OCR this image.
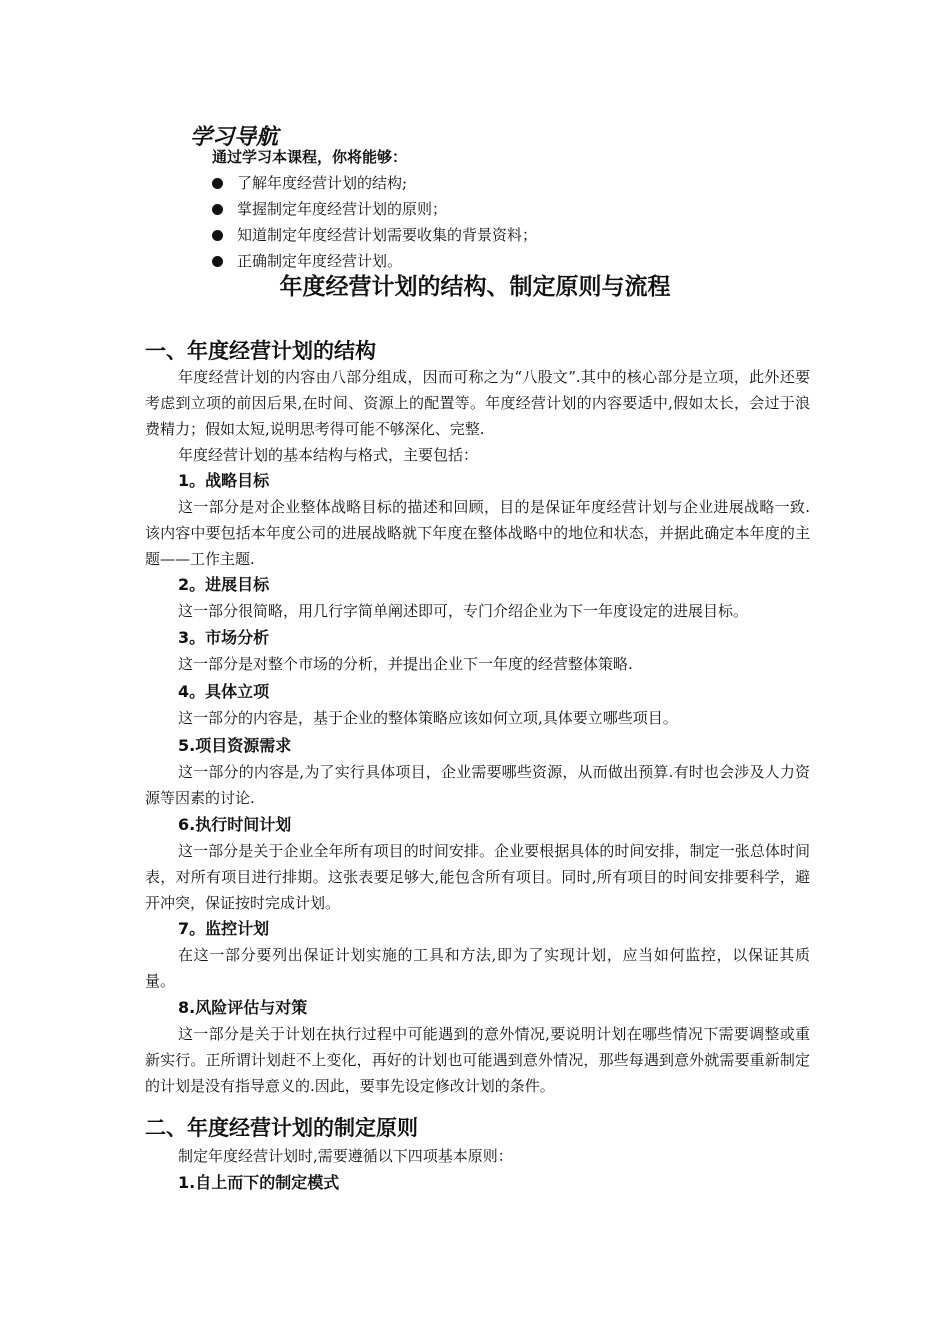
学习导航
通过学习本课程，你将能够：
了解年度经营计划的结构;
掌握制定年度经营计划的原则；
知道制定年度经营计划需要收集的背景资料；
正确制定年度经营计划。
年度经营计划的结构、制定原则与流程
一、年度经营计划的结构
年度经营计划的内容由八部分组成，因而可称之为“八股文”.其中的核心部分是立项，此外还要考虑到立项的前因后果,在时间、资源上的配置等。年度经营计划的内容要适中,假如太长，会过于浪费精力；假如太短,说明思考得可能不够深化、完整.
年度经营计划的基本结构与格式，主要包括：
1。战略目标
这一部分是对企业整体战略目标的描述和回顾，目的是保证年度经营计划与企业进展战略一致.该内容中要包括本年度公司的进展战略就下年度在整体战略中的地位和状态，并据此确定本年度的主题——工作主题.
2。进展目标
这一部分很简略，用几行字简单阐述即可，专门介绍企业为下一年度设定的进展目标。
3。市场分析
这一部分是对整个市场的分析，并提出企业下一年度的经营整体策略.
4。具体立项
这一部分的内容是，基于企业的整体策略应该如何立项,具体要立哪些项目。
5.项目资源需求
这一部分的内容是,为了实行具体项目，企业需要哪些资源，从而做出预算.有时也会涉及人力资源等因素的讨论.
6.执行时间计划
这一部分是关于企业全年所有项目的时间安排。企业要根据具体的时间安排，制定一张总体时间表，对所有项目进行排期。这张表要足够大,能包含所有项目。同时,所有项目的时间安排要科学，避开冲突，保证按时完成计划。
7。监控计划
在这一部分要列出保证计划实施的工具和方法,即为了实现计划，应当如何监控，以保证其质量。
8.风险评估与对策
这一部分是关于计划在执行过程中可能遇到的意外情况,要说明计划在哪些情况下需要调整或重新实行。正所谓计划赶不上变化，再好的计划也可能遇到意外情况，那些每遇到意外就需要重新制定的计划是没有指导意义的.因此，要事先设定修改计划的条件。
二、年度经营计划的制定原则
制定年度经营计划时,需要遵循以下四项基本原则：
1.自上而下的制定模式
